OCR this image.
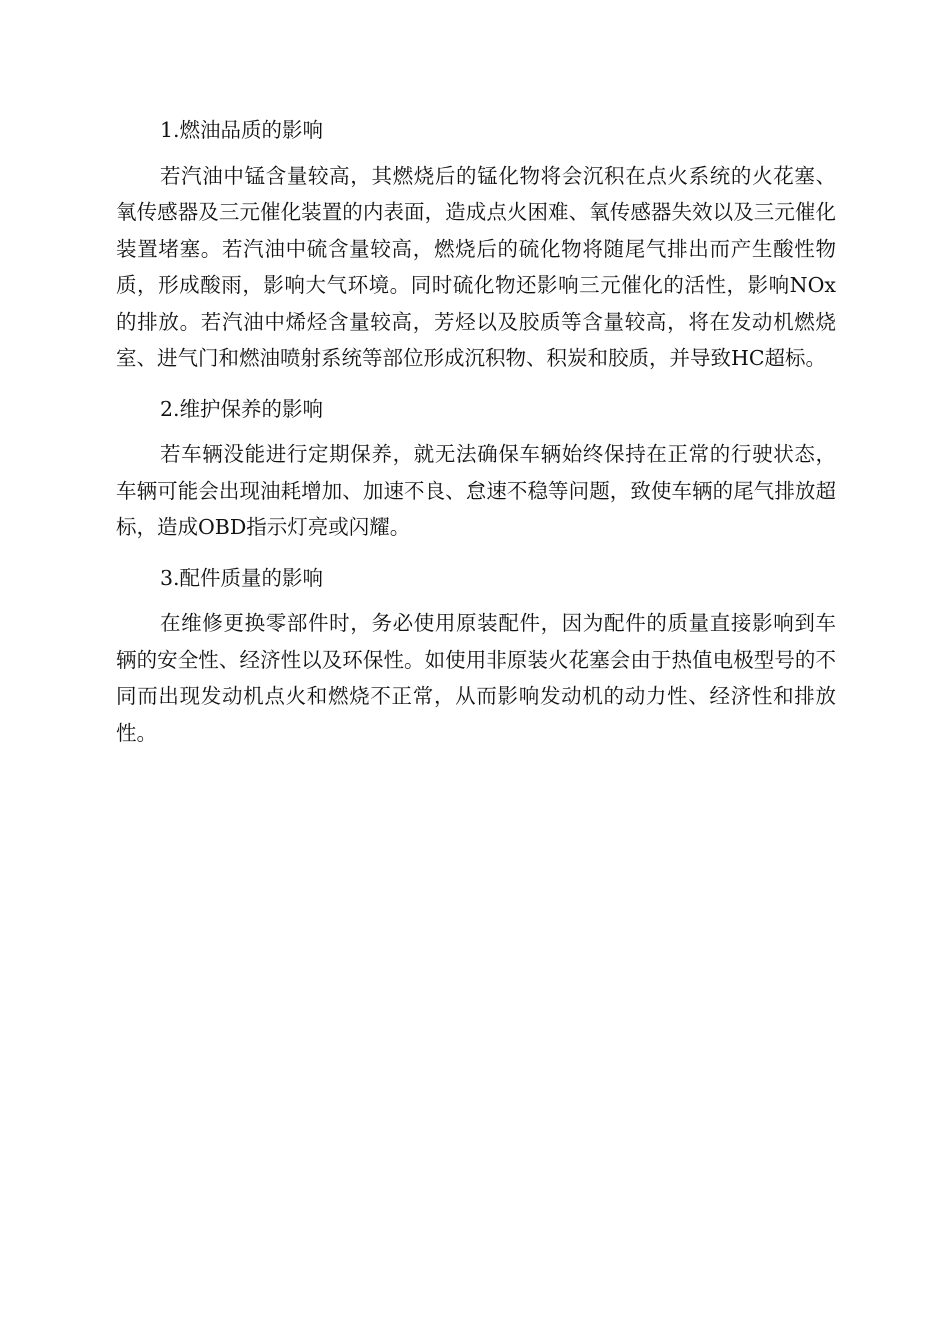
1.燃油品质的影响

若汽油中锰含量较高，其燃烧后的锰化物将会沉积在点火系统的火花塞、氧传感器及三元催化装置的内表面，造成点火困难、氧传感器失效以及三元催化装置堵塞。若汽油中硫含量较高，燃烧后的硫化物将随尾气排出而产生酸性物质，形成酸雨，影响大气环境。同时硫化物还影响三元催化的活性，影响NOx的排放。若汽油中烯烃含量较高，芳烃以及胶质等含量较高，将在发动机燃烧室、进气门和燃油喷射系统等部位形成沉积物、积炭和胶质，并导致HC超标。

2.维护保养的影响

若车辆没能进行定期保养，就无法确保车辆始终保持在正常的行驶状态，车辆可能会出现油耗增加、加速不良、怠速不稳等问题，致使车辆的尾气排放超标，造成OBD指示灯亮或闪耀。

3.配件质量的影响

在维修更换零部件时，务必使用原装配件，因为配件的质量直接影响到车辆的安全性、经济性以及环保性。如使用非原装火花塞会由于热值电极型号的不同而出现发动机点火和燃烧不正常，从而影响发动机的动力性、经济性和排放性。
